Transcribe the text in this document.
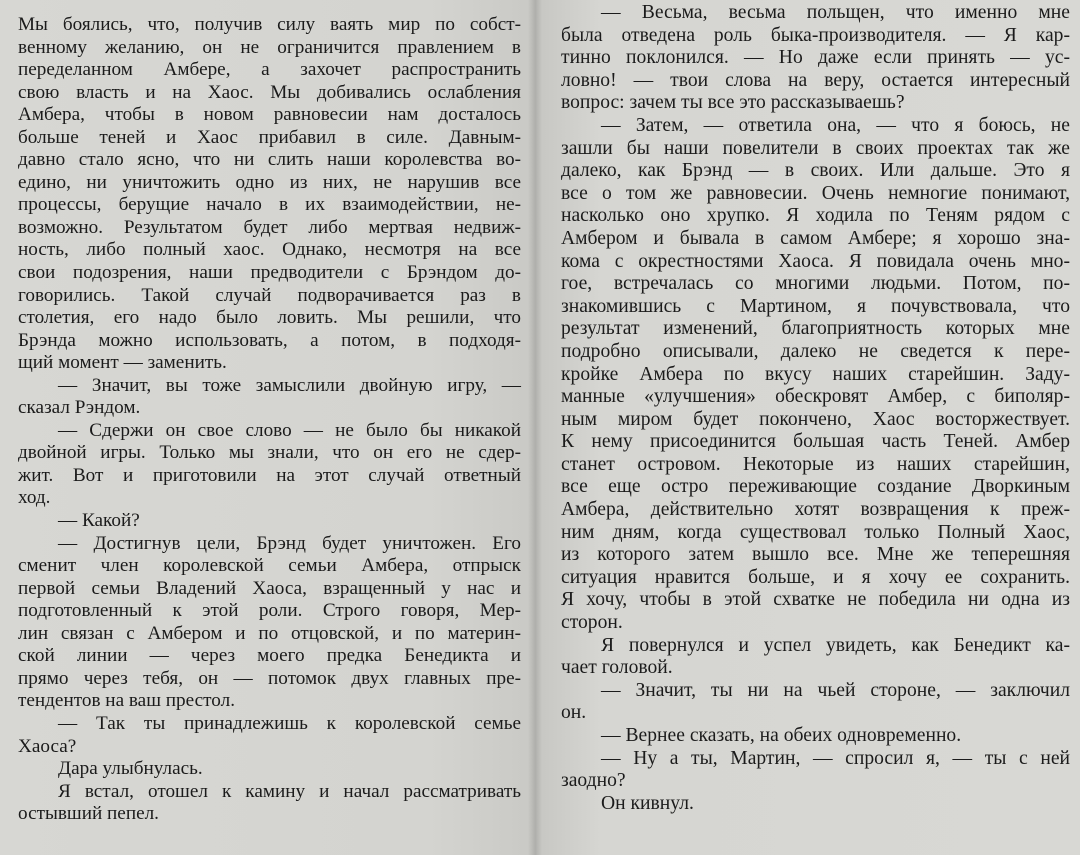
Мы боялись, что, получив силу ваять мир по собст-
венному желанию, он не ограничится правлением в
переделанном Амбере, а захочет распространить
свою власть и на Хаос. Мы добивались ослабления
Амбера, чтобы в новом равновесии нам досталось
больше теней и Хаос прибавил в силе. Давным-
давно стало ясно, что ни слить наши королевства во-
едино, ни уничтожить одно из них, не нарушив все
процессы, берущие начало в их взаимодействии, не-
возможно. Результатом будет либо мертвая недвиж-
ность, либо полный хаос. Однако, несмотря на все
свои подозрения, наши предводители с Брэндом до-
говорились. Такой случай подворачивается раз в
столетия, его надо было ловить. Мы решили, что
Брэнда можно использовать, а потом, в подходя-
щий момент — заменить.
— Значит, вы тоже замыслили двойную игру, —
сказал Рэндом.
— Сдержи он свое слово — не было бы никакой
двойной игры. Только мы знали, что он его не сдер-
жит. Вот и приготовили на этот случай ответный
ход.
— Какой?
— Достигнув цели, Брэнд будет уничтожен. Его
сменит член королевской семьи Амбера, отпрыск
первой семьи Владений Хаоса, взращенный у нас и
подготовленный к этой роли. Строго говоря, Мер-
лин связан с Амбером и по отцовской, и по материн-
ской линии — через моего предка Бенедикта и
прямо через тебя, он — потомок двух главных пре-
тендентов на ваш престол.
— Так ты принадлежишь к королевской семье
Хаоса?
Дара улыбнулась.
Я встал, отошел к камину и начал рассматривать
остывший пепел.
— Весьма, весьма польщен, что именно мне
была отведена роль быка-производителя. — Я кар-
тинно поклонился. — Но даже если принять — ус-
ловно! — твои слова на веру, остается интересный
вопрос: зачем ты все это рассказываешь?
— Затем, — ответила она, — что я боюсь, не
зашли бы наши повелители в своих проектах так же
далеко, как Брэнд — в своих. Или дальше. Это я
все о том же равновесии. Очень немногие понимают,
насколько оно хрупко. Я ходила по Теням рядом с
Амбером и бывала в самом Амбере; я хорошо зна-
кома с окрестностями Хаоса. Я повидала очень мно-
гое, встречалась со многими людьми. Потом, по-
знакомившись с Мартином, я почувствовала, что
результат изменений, благоприятность которых мне
подробно описывали, далеко не сведется к пере-
кройке Амбера по вкусу наших старейшин. Заду-
манные «улучшения» обескровят Амбер, с биполяр-
ным миром будет покончено, Хаос восторжествует.
К нему присоединится большая часть Теней. Амбер
станет островом. Некоторые из наших старейшин,
все еще остро переживающие создание Дворкиным
Амбера, действительно хотят возвращения к преж-
ним дням, когда существовал только Полный Хаос,
из которого затем вышло все. Мне же теперешняя
ситуация нравится больше, и я хочу ее сохранить.
Я хочу, чтобы в этой схватке не победила ни одна из
сторон.
Я повернулся и успел увидеть, как Бенедикт ка-
чает головой.
— Значит, ты ни на чьей стороне, — заключил
он.
— Вернее сказать, на обеих одновременно.
— Ну а ты, Мартин, — спросил я, — ты с ней
заодно?
Он кивнул.
